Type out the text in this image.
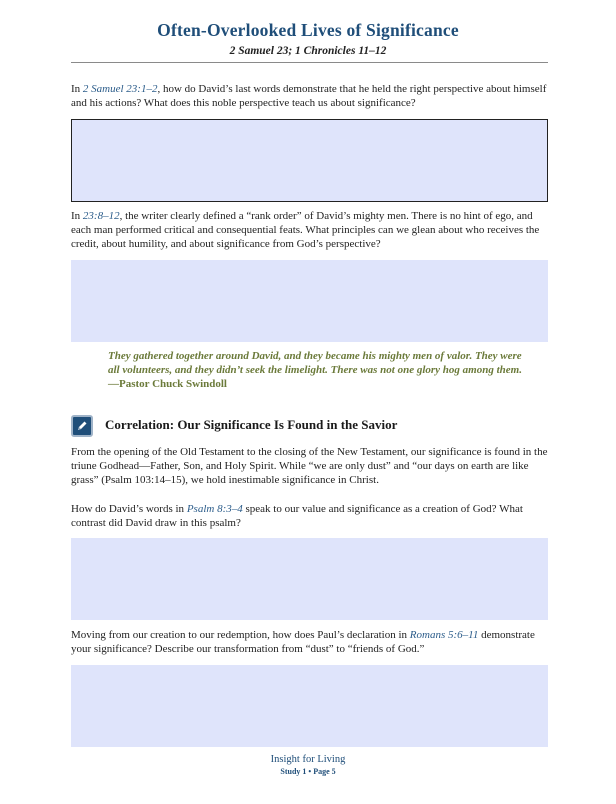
Often-Overlooked Lives of Significance
2 Samuel 23; 1 Chronicles 11–12
In 2 Samuel 23:1–2, how do David’s last words demonstrate that he held the right perspective about himself and his actions? What does this noble perspective teach us about significance?
In 23:8–12, the writer clearly defined a “rank order” of David’s mighty men. There is no hint of ego, and each man performed critical and consequential feats. What principles can we glean about who receives the credit, about humility, and about significance from God’s perspective?
They gathered together around David, and they became his mighty men of valor. They were all volunteers, and they didn’t seek the limelight. There was not one glory hog among them. —Pastor Chuck Swindoll
Correlation: Our Significance Is Found in the Savior
From the opening of the Old Testament to the closing of the New Testament, our significance is found in the triune Godhead—Father, Son, and Holy Spirit. While “we are only dust” and “our days on earth are like grass” (Psalm 103:14–15), we hold inestimable significance in Christ.
How do David’s words in Psalm 8:3–4 speak to our value and significance as a creation of God? What contrast did David draw in this psalm?
Moving from our creation to our redemption, how does Paul’s declaration in Romans 5:6–11 demonstrate your significance? Describe our transformation from “dust” to “friends of God.”
Insight for Living
Study 1 • Page 5
